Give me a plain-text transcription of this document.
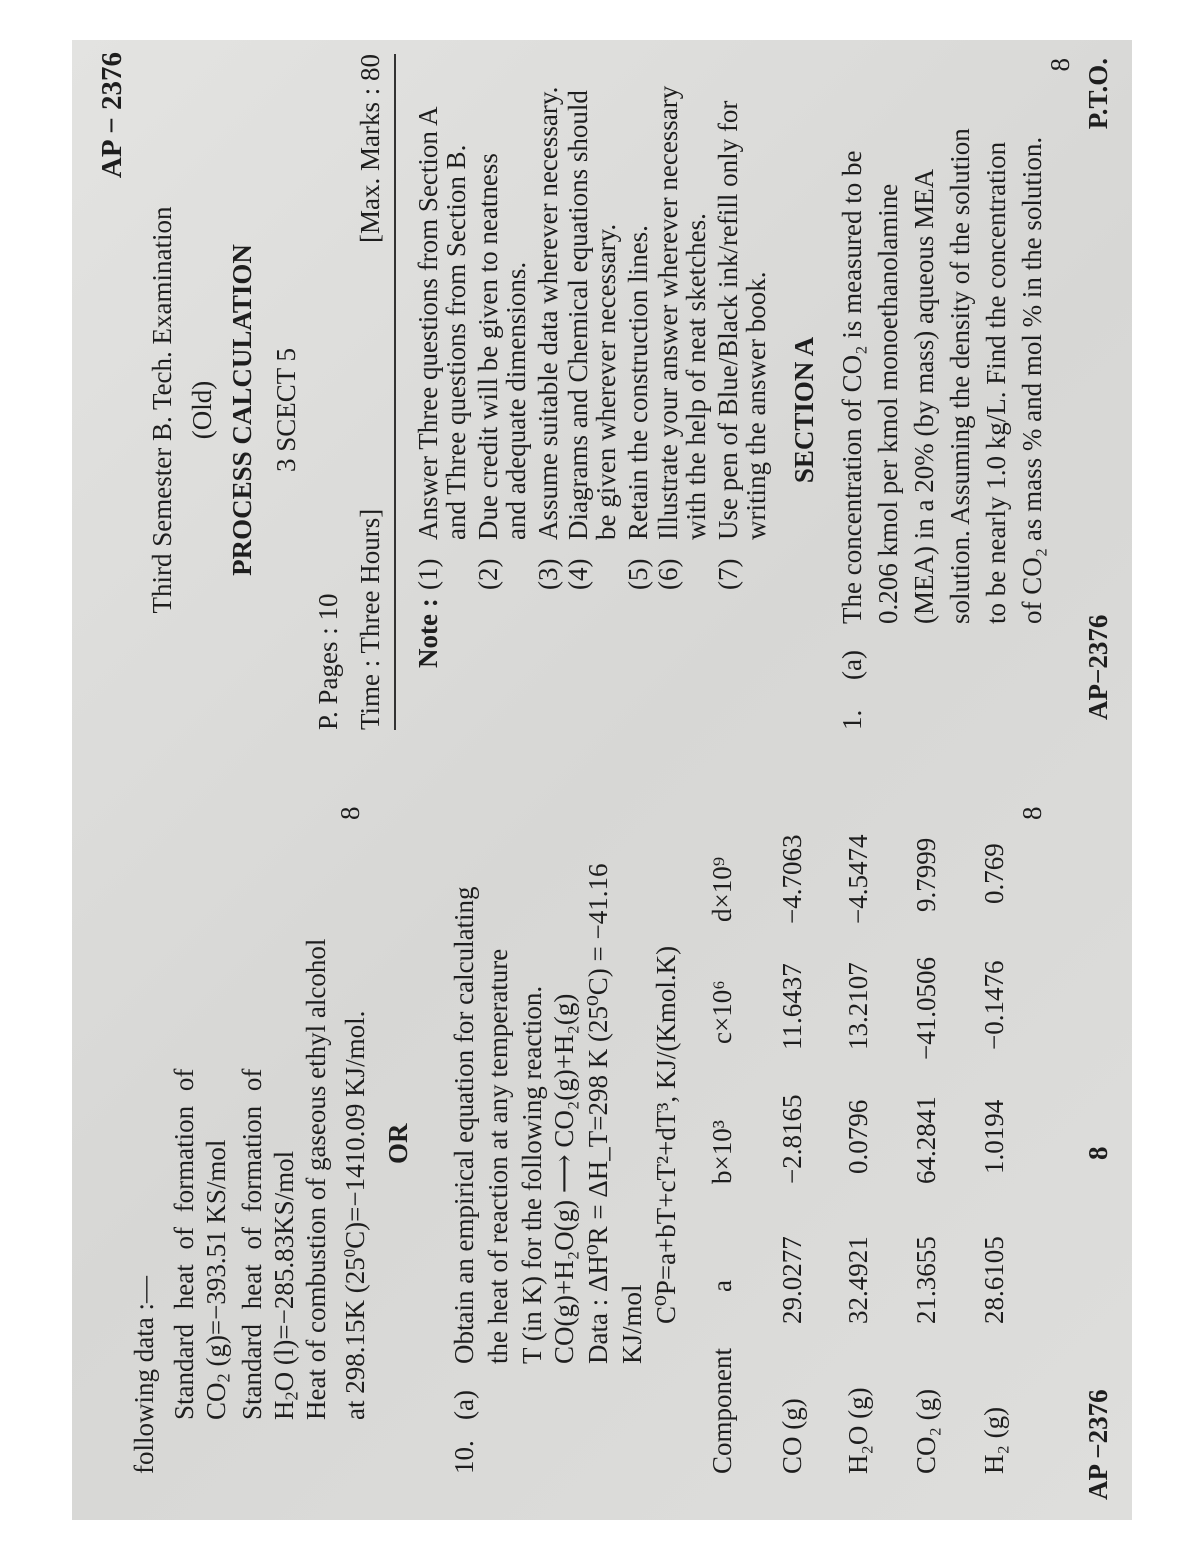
following data :— Standard heat of formation of $CO_2$ (g)=−393.51 KS/mol Standard heat of formation of $H_2O$ (l)=−285.83KS/mol Heat of combustion of gaseous ethyl alcohol at 298.15K $(25^0C)=-1410.09$ KJ/mol.
8
OR
10.
(a)
Obtain an empirical equation for calculating the heat of reaction at any temperature T (in K) for the following reaction. CO(g)+H₂O(g) ⟶ CO₂(g)+H₂(g) Data : ΔH⁰R = ΔH_T=298 K (25⁰C) = −41.16 KJ/mol
C⁰P=a+bT+cT²+dT³, KJ/(Kmol.K)
Component
a
b×10³
c×10⁶
d×10⁹
CO (g)
29.0277
−2.8165
11.6437
−4.7063
H₂O (g)
32.4921
0.0796
13.2107
−4.5474
CO₂ (g)
21.3655
64.2841
−41.0506
9.7999
H₂ (g)
28.6105
1.0194
−0.1476
0.769
8
AP −2376
8
AP − 2376
Third Semester B. Tech. Examination (Old) PROCESS CALCULATION 3 SCECT 5
P. Pages : 10 Time : Three Hours]
[Max. Marks : 80
Note :
(1)
Answer Three questions from Section A
and Three questions from Section B.
(2)
Due credit will be given to neatness
and adequate dimensions.
(3)
Assume suitable data wherever necessary.
(4)
Diagrams and Chemical equations should
be given wherever necessary.
(5)
Retain the construction lines.
(6)
Illustrate your answer wherever necessary
with the help of neat sketches.
(7)
Use pen of Blue/Black ink/refill only for
writing the answer book. SECTION A
1.
(a)
The concentration of CO₂ is measured to be 0.206 kmol per kmol monoethanolamine (MEA) in a 20% (by mass) aqueous MEA solution. Assuming the density of the solution to be nearly 1.0 kg/L. Find the concentration of CO₂ as mass % and mol % in the solution.
8
AP−2376
P.T.O.
